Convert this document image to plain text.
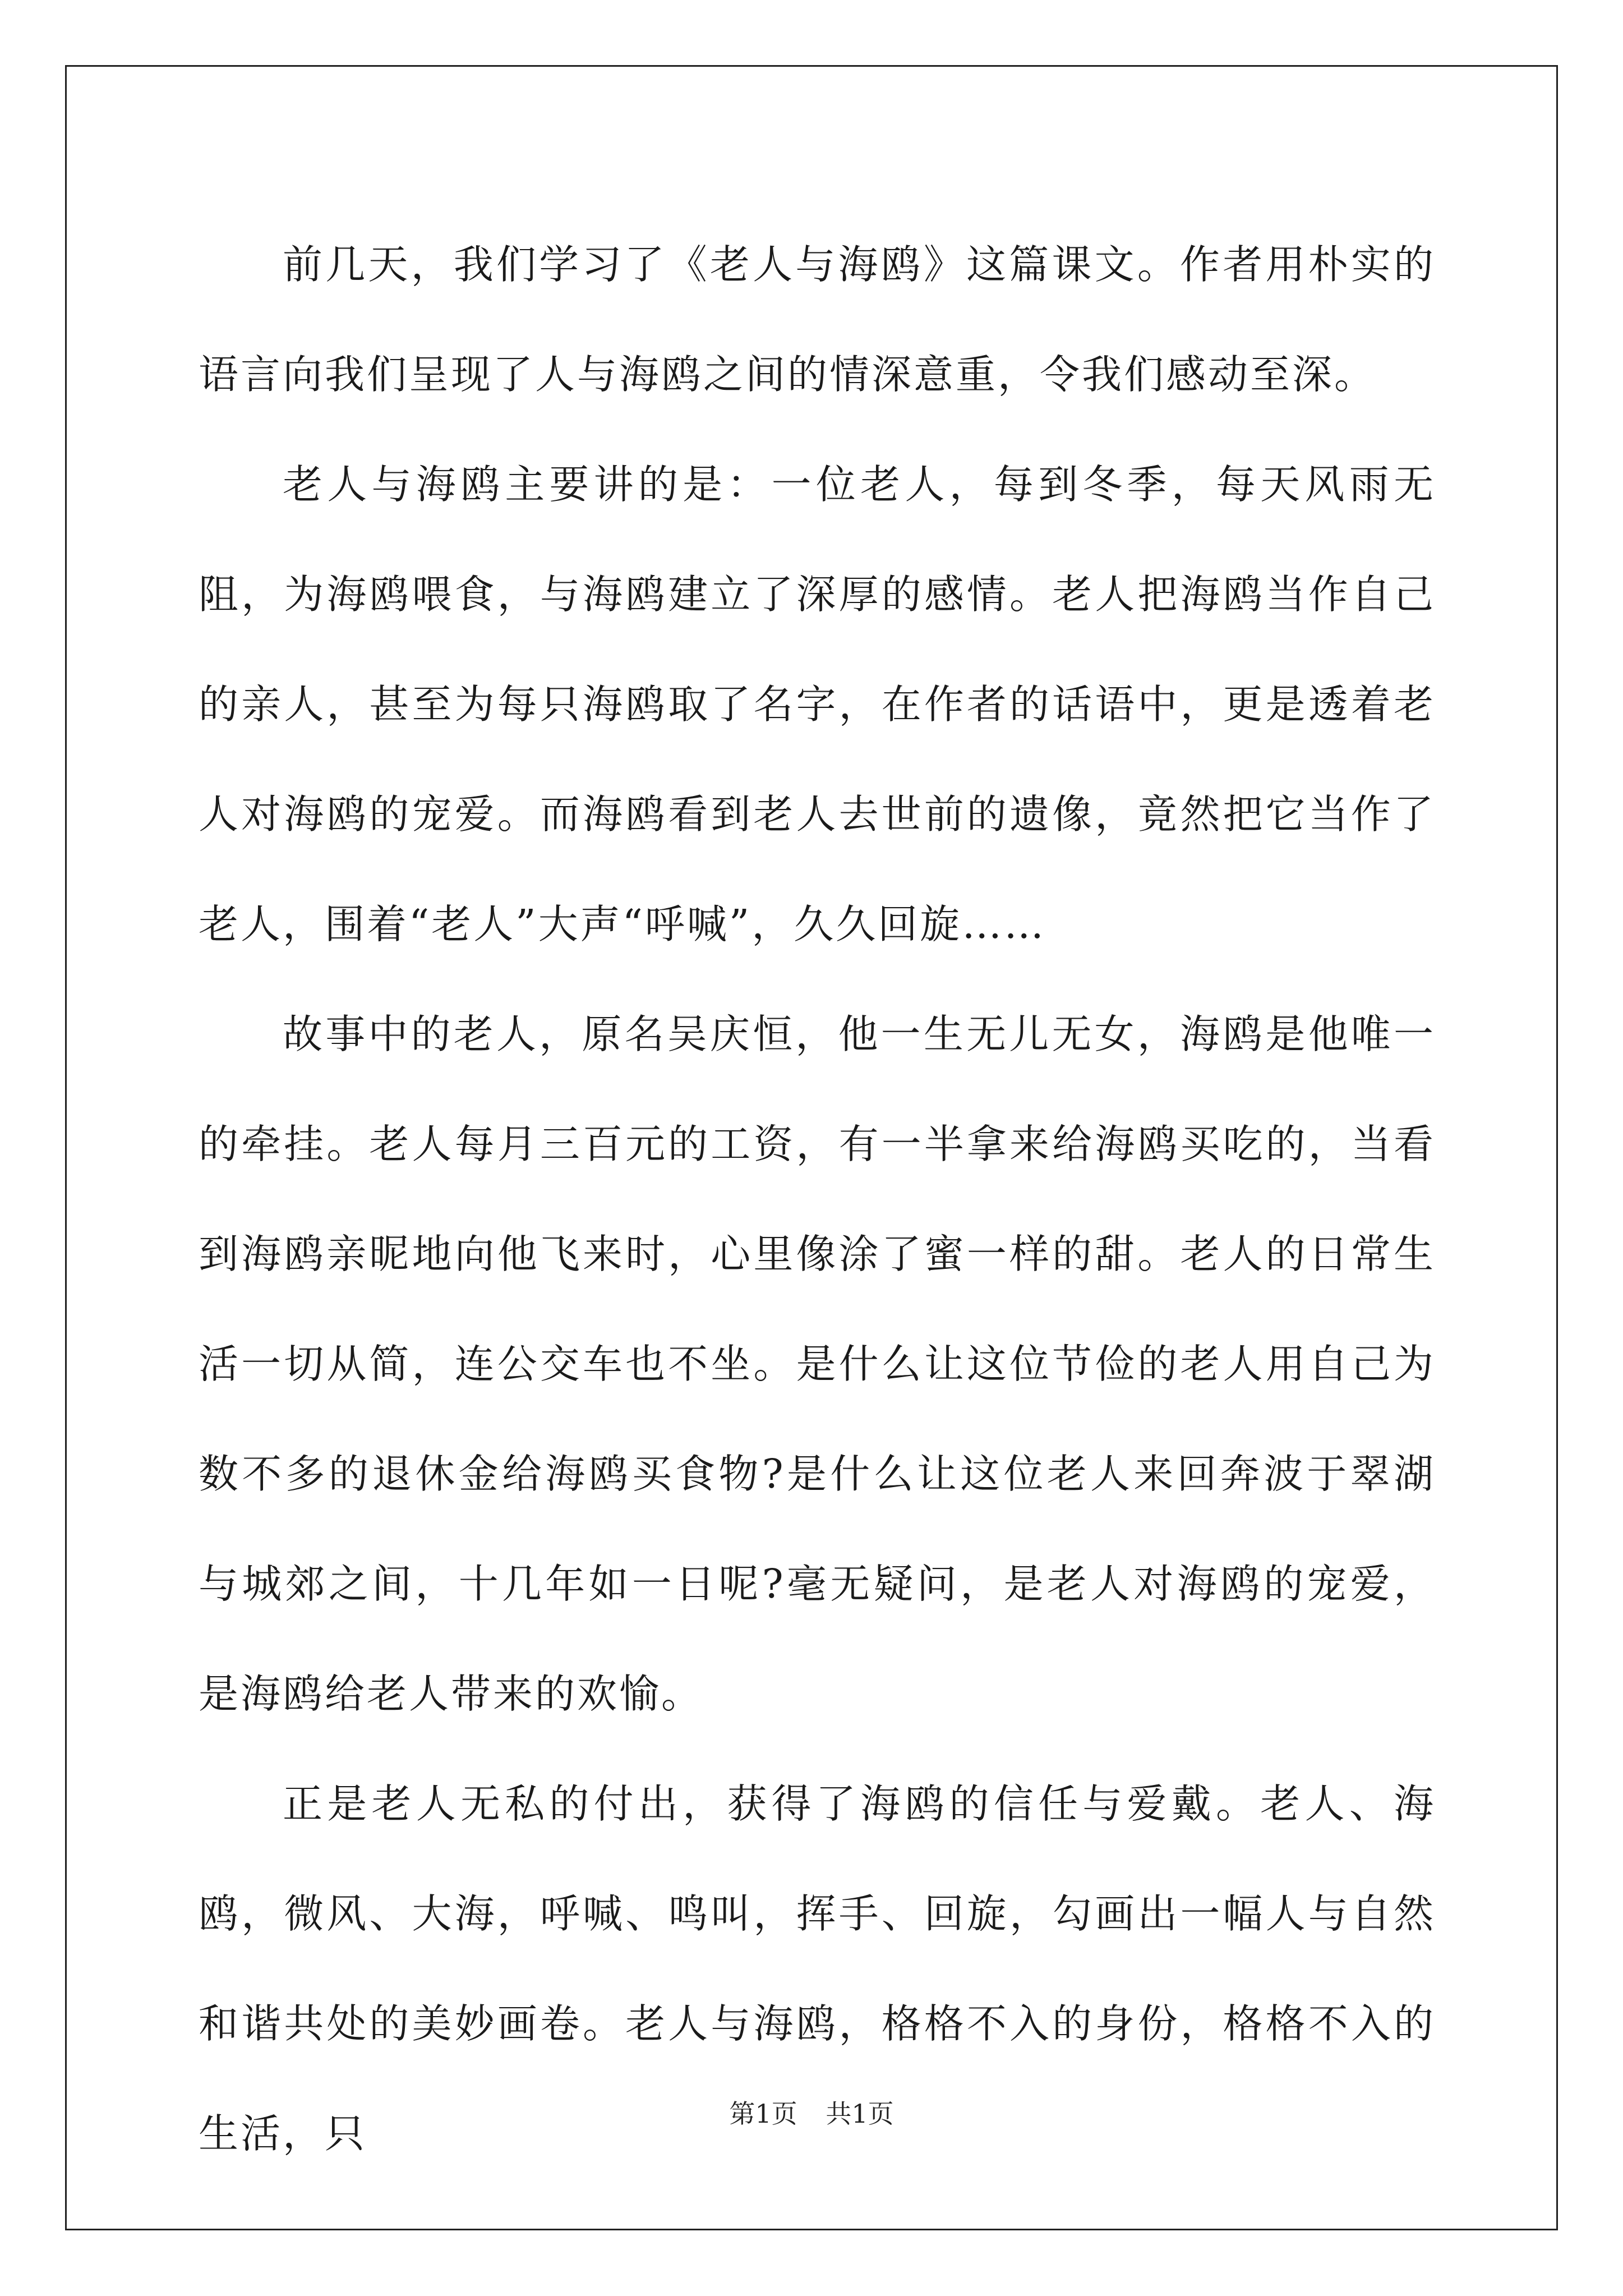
前几天，我们学习了《老人与海鸥》这篇课文。作者用朴实的语言向我们呈现了人与海鸥之间的情深意重，令我们感动至深。

老人与海鸥主要讲的是：一位老人，每到冬季，每天风雨无阻，为海鸥喂食，与海鸥建立了深厚的感情。老人把海鸥当作自己的亲人，甚至为每只海鸥取了名字，在作者的话语中，更是透着老人对海鸥的宠爱。而海鸥看到老人去世前的遗像，竟然把它当作了老人，围着“老人”大声“呼喊”，久久回旋……

故事中的老人，原名吴庆恒，他一生无儿无女，海鸥是他唯一的牵挂。老人每月三百元的工资，有一半拿来给海鸥买吃的，当看到海鸥亲昵地向他飞来时，心里像涂了蜜一样的甜。老人的日常生活一切从简，连公交车也不坐。是什么让这位节俭的老人用自己为数不多的退休金给海鸥买食物?是什么让这位老人来回奔波于翠湖与城郊之间，十几年如一日呢?毫无疑问，是老人对海鸥的宠爱，是海鸥给老人带来的欢愉。

正是老人无私的付出，获得了海鸥的信任与爱戴。老人、海鸥，微风、大海，呼喊、鸣叫，挥手、回旋，勾画出一幅人与自然和谐共处的美妙画卷。老人与海鸥，格格不入的身份，格格不入的生活，只	第1页 共1页
